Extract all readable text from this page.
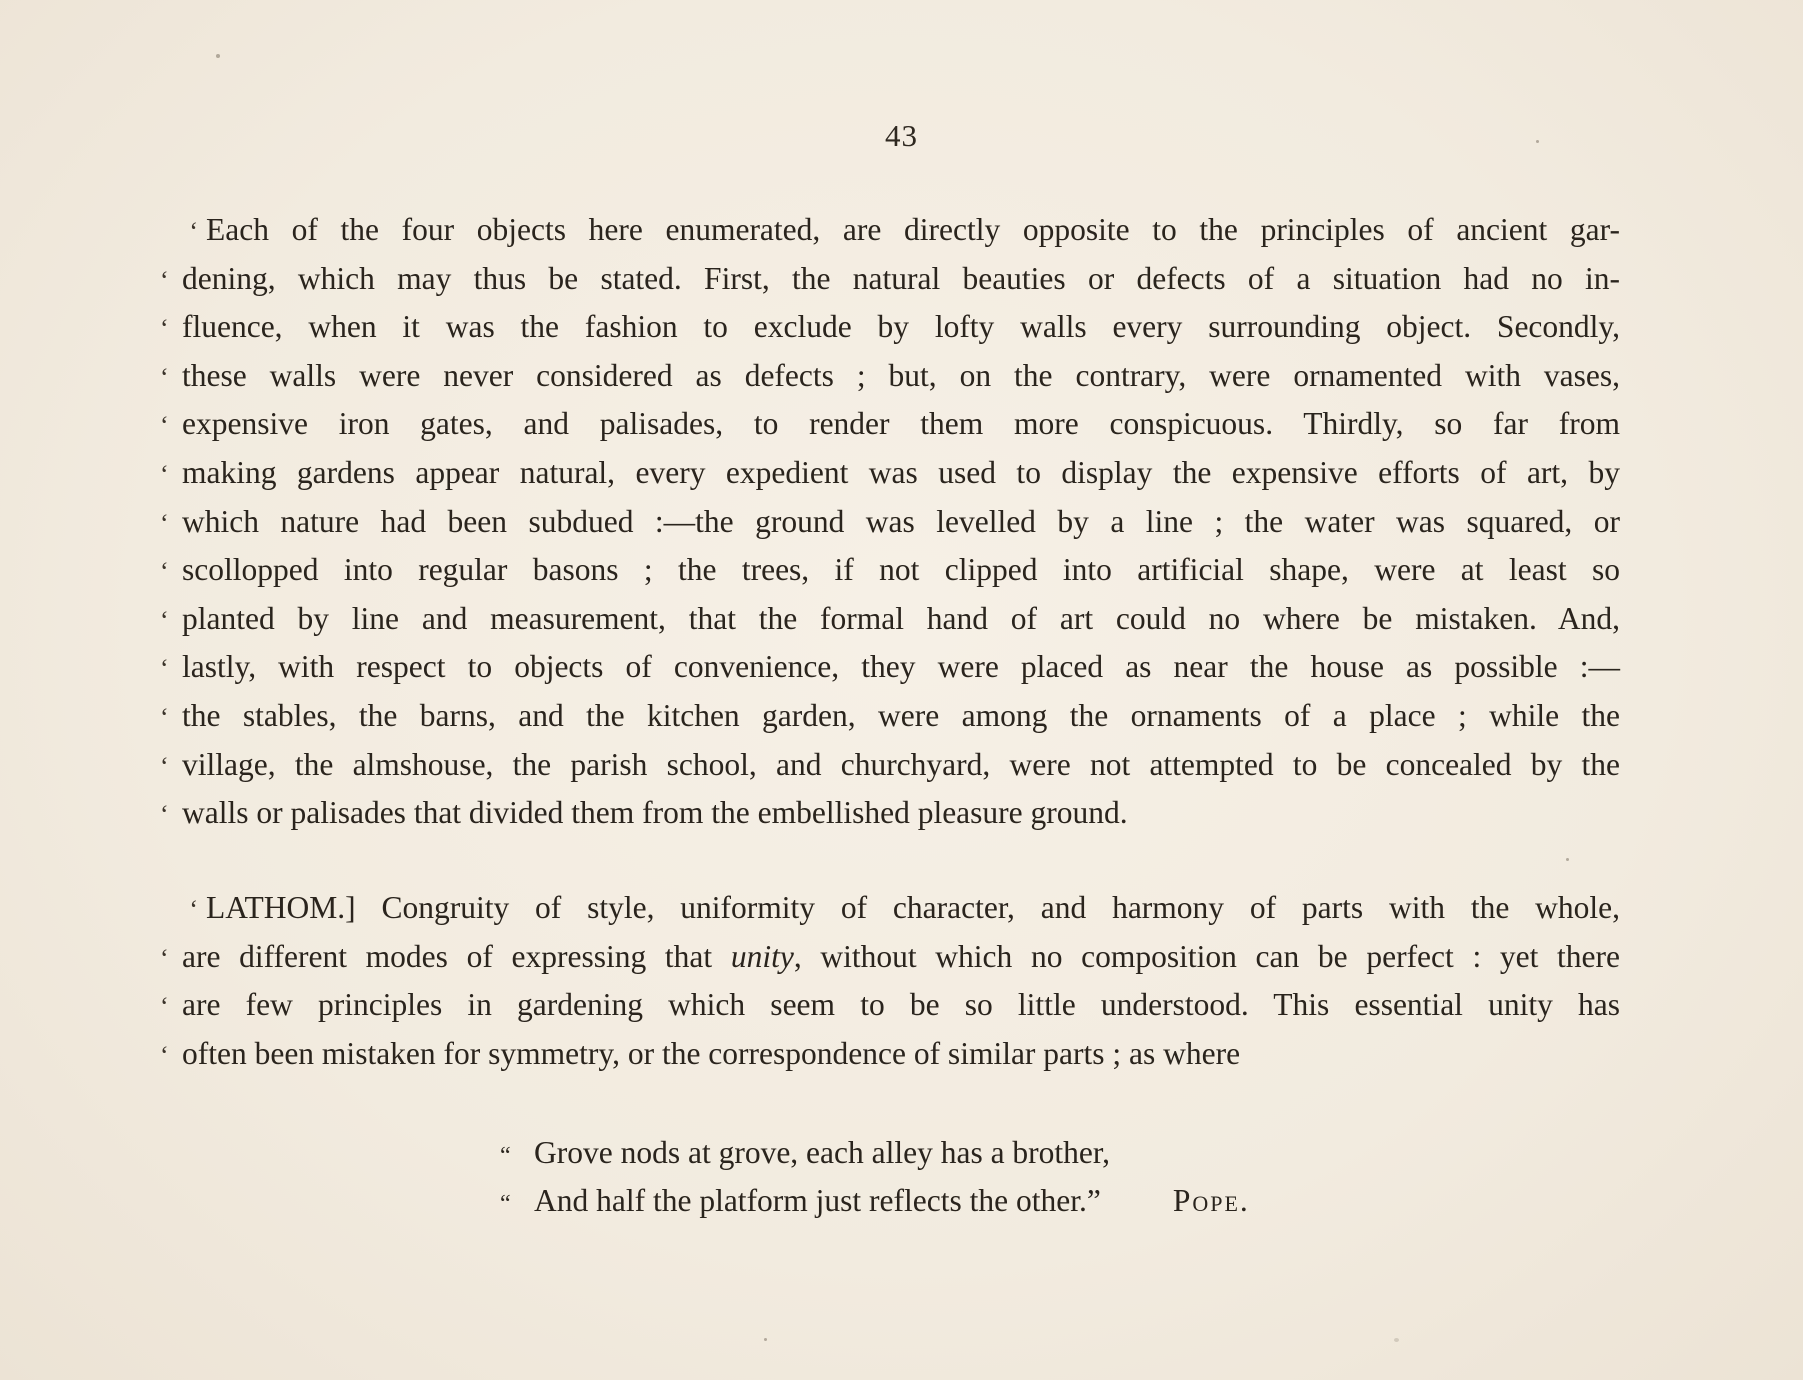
43
‘ Each of the four objects here enumerated, are directly opposite to the principles of ancient gar-
‘ dening, which may thus be stated. First, the natural beauties or defects of a situation had no in-
‘ fluence, when it was the fashion to exclude by lofty walls every surrounding object. Secondly,
‘ these walls were never considered as defects ; but, on the contrary, were ornamented with vases,
‘ expensive iron gates, and palisades, to render them more conspicuous. Thirdly, so far from
‘ making gardens appear natural, every expedient was used to display the expensive efforts of art, by
‘ which nature had been subdued :—the ground was levelled by a line ; the water was squared, or
‘ scollopped into regular basons ; the trees, if not clipped into artificial shape, were at least so
‘ planted by line and measurement, that the formal hand of art could no where be mistaken. And,
‘ lastly, with respect to objects of convenience, they were placed as near the house as possible :—
‘ the stables, the barns, and the kitchen garden, were among the ornaments of a place ; while the
‘ village, the almshouse, the parish school, and churchyard, were not attempted to be concealed by the
‘ walls or palisades that divided them from the embellished pleasure ground.
‘ LATHOM.] Congruity of style, uniformity of character, and harmony of parts with the whole,
‘ are different modes of expressing that unity, without which no composition can be perfect : yet there
‘ are few principles in gardening which seem to be so little understood. This essential unity has
‘ often been mistaken for symmetry, or the correspondence of similar parts ; as where
“ Grove nods at grove, each alley has a brother,
“ And half the platform just reflects the other.” Pope.
